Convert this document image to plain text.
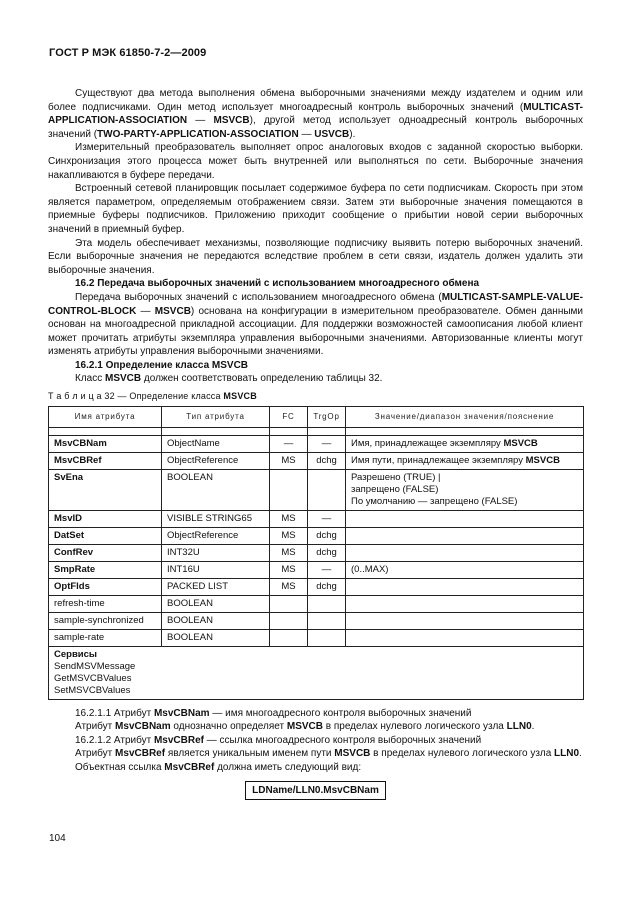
ГОСТ Р МЭК 61850-7-2—2009

Существуют два метода выполнения обмена выборочными значениями между издателем и одним или более подписчиками. Один метод использует многоадресный контроль выборочных значений (MULTICAST-APPLICATION-ASSOCIATION — MSVCB), другой метод использует одноадресный контроль выборочных значений (TWO-PARTY-APPLICATION-ASSOCIATION — USVCB).

Измерительный преобразователь выполняет опрос аналоговых входов с заданной скоростью выборки. Синхронизация этого процесса может быть внутренней или выполняться по сети. Выборочные значения накапливаются в буфере передачи.

Встроенный сетевой планировщик посылает содержимое буфера по сети подписчикам. Скорость при этом является параметром, определяемым отображением связи. Затем эти выборочные значения помещаются в приемные буферы подписчиков. Приложению приходит сообщение о прибытии новой серии выборочных значений в приемный буфер.

Эта модель обеспечивает механизмы, позволяющие подписчику выявить потерю выборочных значений. Если выборочные значения не передаются вследствие проблем в сети связи, издатель должен удалить эти выборочные значения.

16.2 Передача выборочных значений с использованием многоадресного обмена

Передача выборочных значений с использованием многоадресного обмена (MULTICAST-SAMPLE-VALUE-CONTROL-BLOCK — MSVCB) основана на конфигурации в измерительном преобразователе. Обмен данными основан на многоадресной прикладной ассоциации. Для поддержки возможностей самоописания любой клиент может прочитать атрибуты экземпляра управления выборочными значениями. Авторизованные клиенты могут изменять атрибуты управления выборочными значениями.

16.2.1 Определение класса MSVCB

Класс MSVCB должен соответствовать определению таблицы 32.

Т а б л и ц а 32 — Определение класса MSVCB
Имя атрибута	Тип атрибута	FC	TrgOp	Значение/диапазон значения/пояснение

MsvCBNam	ObjectName	—	—	Имя, принадлежащее экземпляру MSVCB
MsvCBRef	ObjectReference	MS	dchg	Имя пути, принадлежащее экземпляру MSVCB
SvEna	BOOLEAN			Разрешено (TRUE) |
запрещено (FALSE)
По умолчанию — запрещено (FALSE)

MsvID	VISIBLE STRING65	MS	—	
DatSet	ObjectReference	MS	dchg	
ConfRev	INT32U	MS	dchg	
SmpRate	INT16U	MS	—	(0..MAX)
OptFlds	PACKED LIST	MS	dchg	
refresh-time	BOOLEAN			
sample-synchronized	BOOLEAN			
sample-rate	BOOLEAN			

Сервисы
SendMSVMessage
GetMSVCBValues
SetMSVCBValues				

16.2.1.1 Атрибут MsvCBNam — имя многоадресного контроля выборочных значений

Атрибут MsvCBNam однозначно определяет MSVCB в пределах нулевого логического узла LLN0.

16.2.1.2 Атрибут MsvCBRef — ссылка многоадресного контроля выборочных значений

Атрибут MsvCBRef является уникальным именем пути MSVCB в пределах нулевого логического узла LLN0.

Объектная ссылка MsvCBRef должна иметь следующий вид:

LDName/LLN0.MsvCBNam
104
